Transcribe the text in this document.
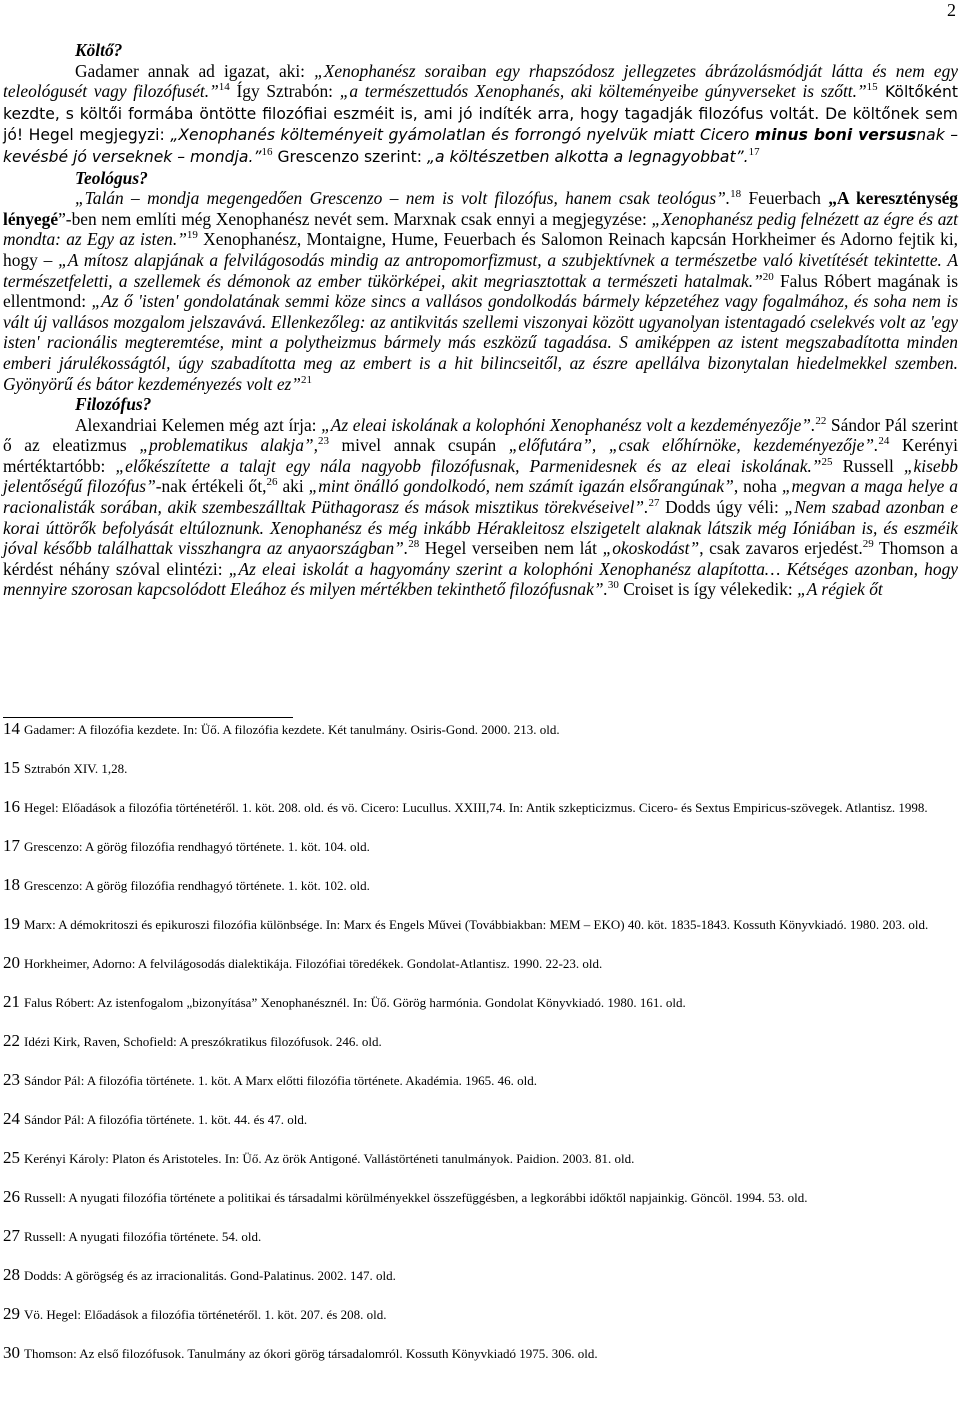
2

Költő?

Gadamer annak ad igazat, aki: „Xenophanész soraiban egy rhapszódosz jellegzetes ábrázolásmódját látta és nem egy teleológusét vagy filozófusét.”$^{14}$ Így Sztrabón: „a természettudós Xenophanés, aki költeményeibe gúnyverseket is szőtt.”$^{15}$ Költőként kezdte, s költői formába öntötte filozófiai eszméit is, ami jó indíték arra, hogy tagadják filozófus voltát. De költőnek sem jó! Hegel megjegyzi: „Xenophanés költeményeit gyámolatlan és forrongó nyelvük miatt Cicero minus boni versusnak – kevésbé jó verseknek – mondja.”$^{16}$ Grescenzo szerint: „a költészetben alkotta a legnagyobbat”.$^{17}$

Teológus?

„Talán – mondja megengedően Grescenzo – nem is volt filozófus, hanem csak teológus”.$^{18}$ Feuerbach „A kereszténység lényegé”-ben nem említi még Xenophanész nevét sem. Marxnak csak ennyi a megjegyzése: „Xenophanész pedig felnézett az égre és azt mondta: az Egy az isten.”$^{19}$ Xenophanész, Montaigne, Hume, Feuerbach és Salomon Reinach kapcsán Horkheimer és Adorno fejtik ki, hogy – „A mítosz alapjának a felvilágosodás mindig az antropomorfizmust, a szubjektívnek a természetbe való kivetítését tekintette. A természetfeletti, a szellemek és démonok az ember tükörképei, akit megriasztottak a természeti hatalmak.”$^{20}$ Falus Róbert magának is ellentmond: „Az ő 'isten' gondolatának semmi köze sincs a vallásos gondolkodás bármely képzetéhez vagy fogalmához, és soha nem is vált új vallásos mozgalom jelszavává. Ellenkezőleg: az antikvitás szellemi viszonyai között ugyanolyan istentagadó cselekvés volt az 'egy isten' racionális megteremtése, mint a polytheizmus bármely más eszközű tagadása. S amiképpen az istent megszabadította minden emberi járulékosságtól, úgy szabadította meg az embert is a hit bilincseitől, az észre apellálva bizonytalan hiedelmekkel szemben. Gyönyörű és bátor kezdeményezés volt ez”$^{21}$

Filozófus?

Alexandriai Kelemen még azt írja: „Az eleai iskolának a kolophóni Xenophanész volt a kezdeményezője”.$^{22}$ Sándor Pál szerint ő az eleatizmus „problematikus alakja”,$^{23}$ mivel annak csupán „előfutára”, „csak előhírnöke, kezdeményezője”.$^{24}$ Kerényi mértéktartóbb: „előkészítette a talajt egy nála nagyobb filozófusnak, Parmenidesnek és az eleai iskolának.”$^{25}$ Russell „kisebb jelentőségű filozófus”-nak értékeli őt,$^{26}$ aki „mint önálló gondolkodó, nem számít igazán elsőrangúnak”, noha „megvan a maga helye a racionalisták sorában, akik szembeszálltak Püthagorasz és mások misztikus törekvéseivel”.$^{27}$ Dodds úgy véli: „Nem szabad azonban e korai úttörők befolyását eltúloznunk. Xenophanész és még inkább Hérakleitosz elszigetelt alaknak látszik még Ióniában is, és eszméik jóval később találhattak visszhangra az anyaországban”.$^{28}$ Hegel verseiben nem lát „okoskodást”, csak zavaros erjedést.$^{29}$ Thomson a kérdést néhány szóval elintézi: „Az eleai iskolát a hagyomány szerint a kolophóni Xenophanész alapította… Kétséges azonban, hogy mennyire szorosan kapcsolódott Eleához és milyen mértékben tekinthető filozófusnak”.$^{30}$ Croiset is így vélekedik: „A régiek őt

14 Gadamer: A filozófia kezdete. In: Üő. A filozófia kezdete. Két tanulmány. Osiris-Gond. 2000. 213. old.

15 Sztrabón XIV. 1,28.

16 Hegel: Előadások a filozófia történetéről. 1. köt. 208. old. és vö. Cicero: Lucullus. XXIII,74. In: Antik szkepticizmus. Cicero- és Sextus Empiricus-szövegek. Atlantisz. 1998.

17 Grescenzo: A görög filozófia rendhagyó története. 1. köt. 104. old.

18 Grescenzo: A görög filozófia rendhagyó története. 1. köt. 102. old.

19 Marx: A démokritoszi és epikuroszi filozófia különbsége. In: Marx és Engels Művei (Továbbiakban: MEM – EKO) 40. köt. 1835-1843. Kossuth Könyvkiadó. 1980. 203. old.

20 Horkheimer, Adorno: A felvilágosodás dialektikája. Filozófiai töredékek. Gondolat-Atlantisz. 1990. 22-23. old.

21 Falus Róbert: Az istenfogalom „bizonyítása” Xenophanésznél. In: Üő. Görög harmónia. Gondolat Könyvkiadó. 1980. 161. old.

22 Idézi Kirk, Raven, Schofield: A preszókratikus filozófusok. 246. old.

23 Sándor Pál: A filozófia története. 1. köt. A Marx előtti filozófia története. Akadémia. 1965. 46. old.

24 Sándor Pál: A filozófia története. 1. köt. 44. és 47. old.

25 Kerényi Károly: Platon és Aristoteles. In: Üő. Az örök Antigoné. Vallástörténeti tanulmányok. Paidion. 2003. 81. old.

26 Russell: A nyugati filozófia története a politikai és társadalmi körülményekkel összefüggésben, a legkorábbi időktől napjainkig. Göncöl. 1994. 53. old.

27 Russell: A nyugati filozófia története. 54. old.

28 Dodds: A görögség és az irracionalitás. Gond-Palatinus. 2002. 147. old.

29 Vö. Hegel: Előadások a filozófia történetéről. 1. köt. 207. és 208. old.

30 Thomson: Az első filozófusok. Tanulmány az ókori görög társadalomról. Kossuth Könyvkiadó 1975. 306. old.
